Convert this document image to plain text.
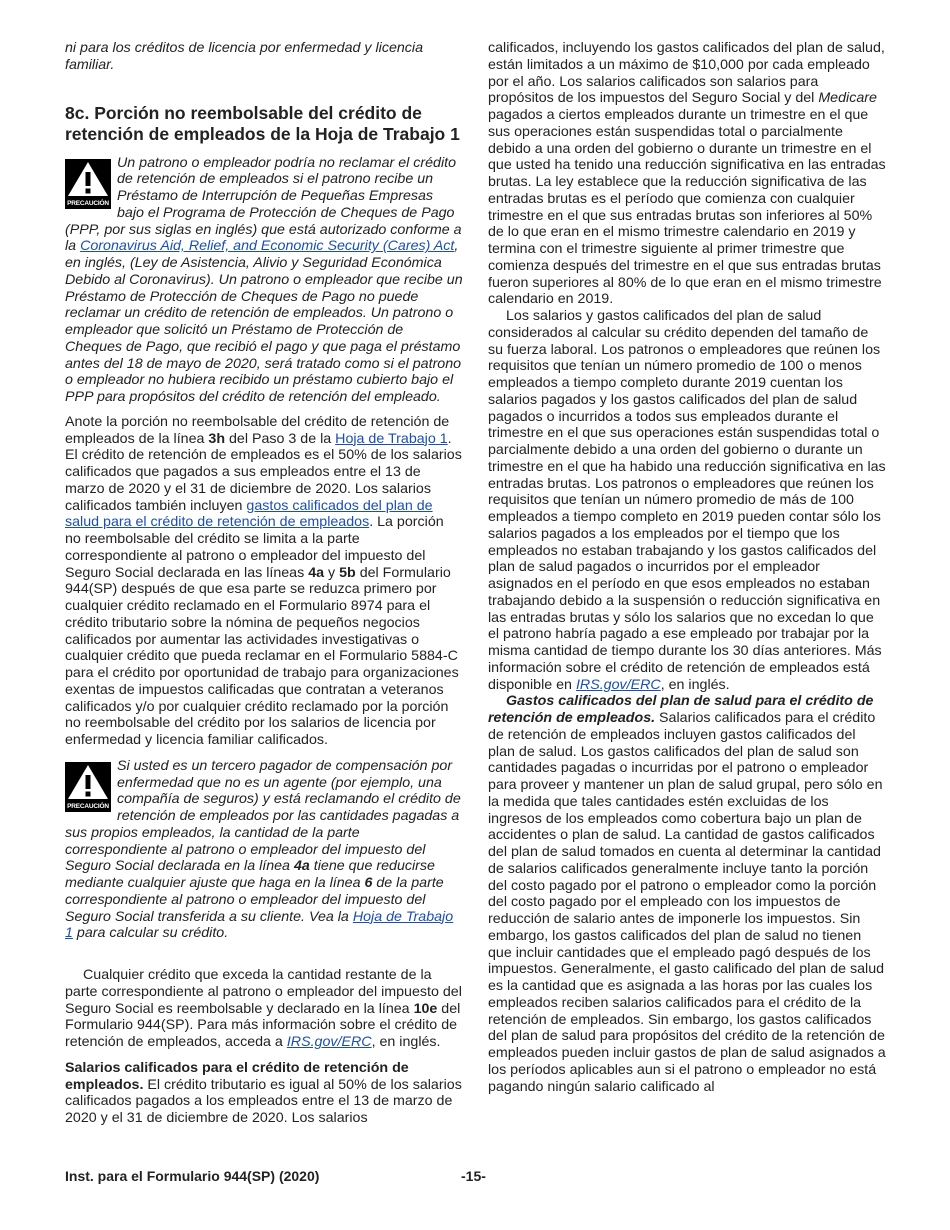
ni para los créditos de licencia por enfermedad y licencia familiar.

8c. Porción no reembolsable del crédito de retención de empleados de la Hoja de Trabajo 1
PRECAUCIÓN

Un patrono o empleador podría no reclamar el crédito de retención de empleados si el patrono recibe un Préstamo de Interrupción de Pequeñas Empresas bajo el Programa de Protección de Cheques de Pago (PPP, por sus siglas en inglés) que está autorizado conforme a la Coronavirus Aid, Relief, and Economic Security (Cares) Act, en inglés, (Ley de Asistencia, Alivio y Seguridad Económica Debido al Coronavirus). Un patrono o empleador que recibe un Préstamo de Protección de Cheques de Pago no puede reclamar un crédito de retención de empleados. Un patrono o empleador que solicitó un Préstamo de Protección de Cheques de Pago, que recibió el pago y que paga el préstamo antes del 18 de mayo de 2020, será tratado como si el patrono o empleador no hubiera recibido un préstamo cubierto bajo el PPP para propósitos del crédito de retención del empleado.

Anote la porción no reembolsable del crédito de retención de empleados de la línea 3h del Paso 3 de la Hoja de Trabajo 1. El crédito de retención de empleados es el 50% de los salarios calificados que pagados a sus empleados entre el 13 de marzo de 2020 y el 31 de diciembre de 2020. Los salarios calificados también incluyen gastos calificados del plan de salud para el crédito de retención de empleados. La porción no reembolsable del crédito se limita a la parte correspondiente al patrono o empleador del impuesto del Seguro Social declarada en las líneas 4a y 5b del Formulario 944(SP) después de que esa parte se reduzca primero por cualquier crédito reclamado en el Formulario 8974 para el crédito tributario sobre la nómina de pequeños negocios calificados por aumentar las actividades investigativas o cualquier crédito que pueda reclamar en el Formulario 5884-C para el crédito por oportunidad de trabajo para organizaciones exentas de impuestos calificadas que contratan a veteranos calificados y/o por cualquier crédito reclamado por la porción no reembolsable del crédito por los salarios de licencia por enfermedad y licencia familiar calificados.

PRECAUCIÓN

Si usted es un tercero pagador de compensación por enfermedad que no es un agente (por ejemplo, una compañía de seguros) y está reclamando el crédito de retención de empleados por las cantidades pagadas a sus propios empleados, la cantidad de la parte correspondiente al patrono o empleador del impuesto del Seguro Social declarada en la línea 4a tiene que reducirse mediante cualquier ajuste que haga en la línea 6 de la parte correspondiente al patrono o empleador del impuesto del Seguro Social transferida a su cliente. Vea la Hoja de Trabajo 1 para calcular su crédito.

Cualquier crédito que exceda la cantidad restante de la parte correspondiente al patrono o empleador del impuesto del Seguro Social es reembolsable y declarado en la línea 10e del Formulario 944(SP). Para más información sobre el crédito de retención de empleados, acceda a IRS.gov/ERC, en inglés.

Salarios calificados para el crédito de retención de empleados. El crédito tributario es igual al 50% de los salarios calificados pagados a los empleados entre el 13 de marzo de 2020 y el 31 de diciembre de 2020. Los salarios

calificados, incluyendo los gastos calificados del plan de salud, están limitados a un máximo de $10,000 por cada empleado por el año. Los salarios calificados son salarios para propósitos de los impuestos del Seguro Social y del Medicare pagados a ciertos empleados durante un trimestre en el que sus operaciones están suspendidas total o parcialmente debido a una orden del gobierno o durante un trimestre en el que usted ha tenido una reducción significativa en las entradas brutas. La ley establece que la reducción significativa de las entradas brutas es el período que comienza con cualquier trimestre en el que sus entradas brutas son inferiores al 50% de lo que eran en el mismo trimestre calendario en 2019 y termina con el trimestre siguiente al primer trimestre que comienza después del trimestre en el que sus entradas brutas fueron superiores al 80% de lo que eran en el mismo trimestre calendario en 2019.

Los salarios y gastos calificados del plan de salud considerados al calcular su crédito dependen del tamaño de su fuerza laboral. Los patronos o empleadores que reúnen los requisitos que tenían un número promedio de 100 o menos empleados a tiempo completo durante 2019 cuentan los salarios pagados y los gastos calificados del plan de salud pagados o incurridos a todos sus empleados durante el trimestre en el que sus operaciones están suspendidas total o parcialmente debido a una orden del gobierno o durante un trimestre en el que ha habido una reducción significativa en las entradas brutas. Los patronos o empleadores que reúnen los requisitos que tenían un número promedio de más de 100 empleados a tiempo completo en 2019 pueden contar sólo los salarios pagados a los empleados por el tiempo que los empleados no estaban trabajando y los gastos calificados del plan de salud pagados o incurridos por el empleador asignados en el período en que esos empleados no estaban trabajando debido a la suspensión o reducción significativa en las entradas brutas y sólo los salarios que no excedan lo que el patrono habría pagado a ese empleado por trabajar por la misma cantidad de tiempo durante los 30 días anteriores. Más información sobre el crédito de retención de empleados está disponible en IRS.gov/ERC, en inglés.

Gastos calificados del plan de salud para el crédito de retención de empleados. Salarios calificados para el crédito de retención de empleados incluyen gastos calificados del plan de salud. Los gastos calificados del plan de salud son cantidades pagadas o incurridas por el patrono o empleador para proveer y mantener un plan de salud grupal, pero sólo en la medida que tales cantidades estén excluidas de los ingresos de los empleados como cobertura bajo un plan de accidentes o plan de salud. La cantidad de gastos calificados del plan de salud tomados en cuenta al determinar la cantidad de salarios calificados generalmente incluye tanto la porción del costo pagado por el patrono o empleador como la porción del costo pagado por el empleado con los impuestos de reducción de salario antes de imponerle los impuestos. Sin embargo, los gastos calificados del plan de salud no tienen que incluir cantidades que el empleado pagó después de los impuestos. Generalmente, el gasto calificado del plan de salud es la cantidad que es asignada a las horas por las cuales los empleados reciben salarios calificados para el crédito de la retención de empleados. Sin embargo, los gastos calificados del plan de salud para propósitos del crédito de la retención de empleados pueden incluir gastos de plan de salud asignados a los períodos aplicables aun si el patrono o empleador no está pagando ningún salario calificado al

Inst. para el Formulario 944(SP) (2020)	-15-
